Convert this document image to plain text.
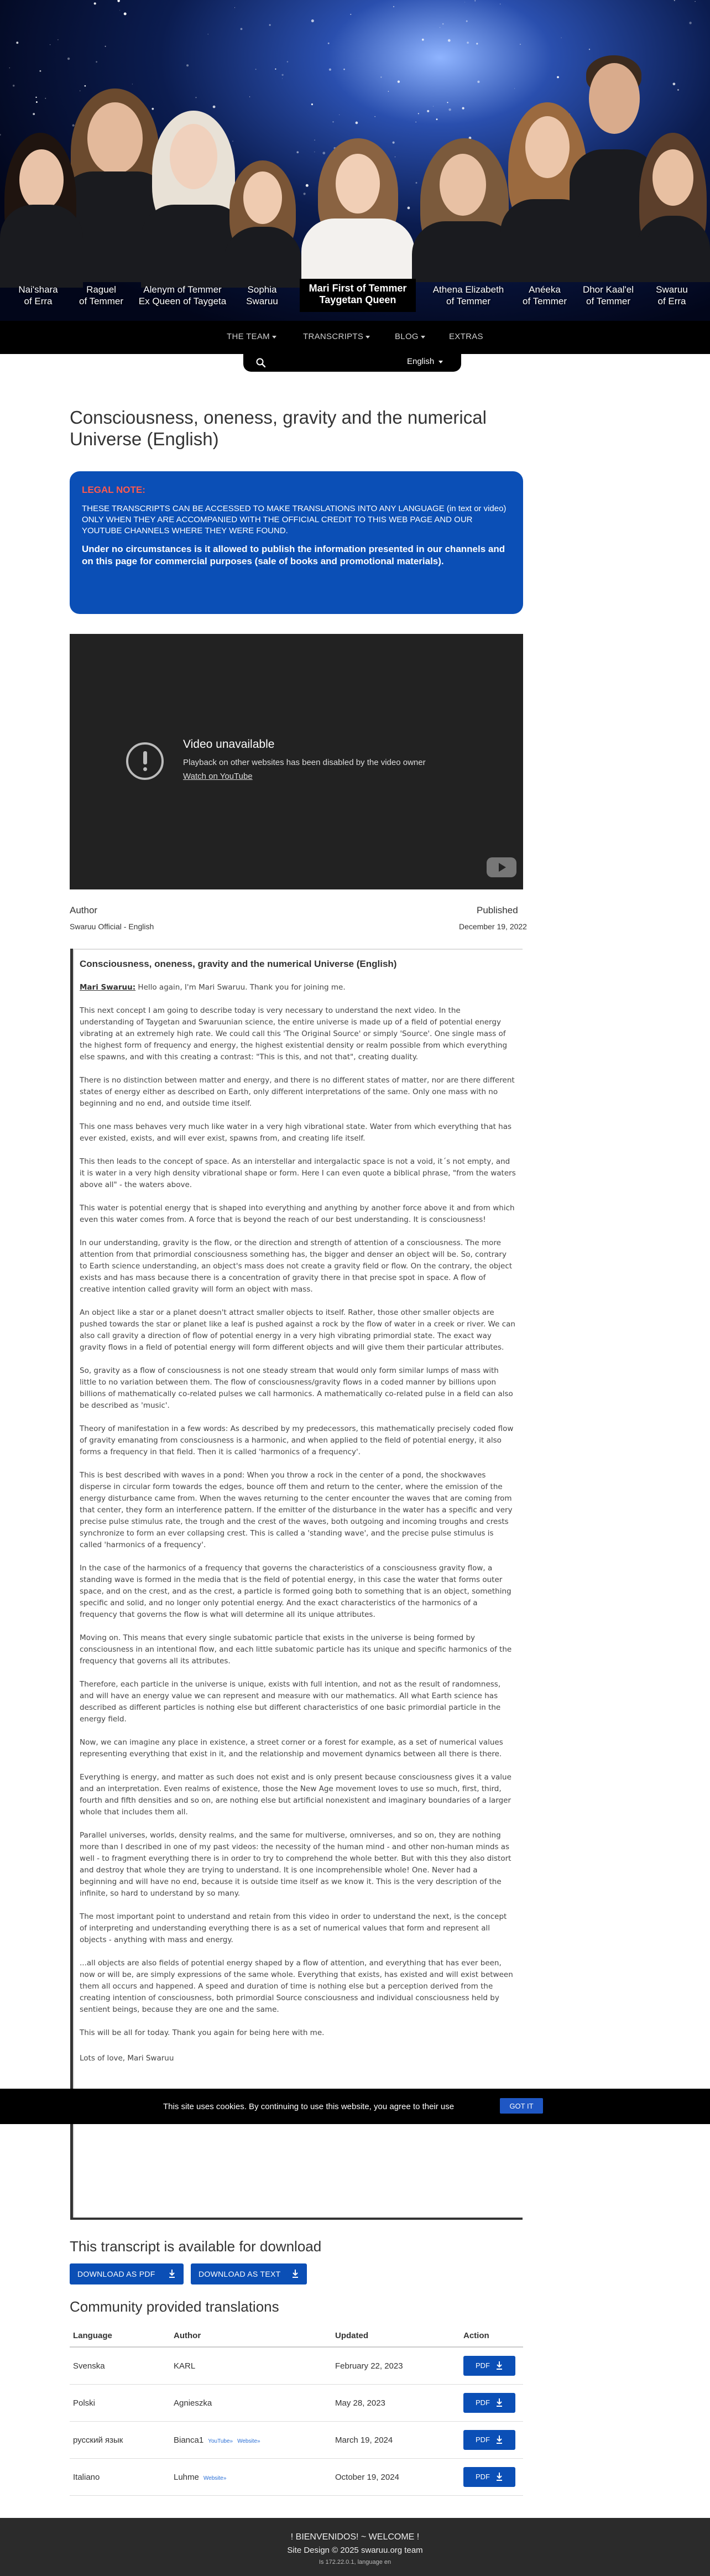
Nai'shara
of Erra
Raguel
of Temmer
Alenym of Temmer
Ex Queen of Taygeta
Sophia
Swaruu
Mari First of Temmer
Taygetan Queen
Athena Elizabeth
of Temmer
Anéeka
of Temmer
Dhor Kaal'el
of Temmer
Swaruu
of Erra
THE TEAM	TRANSCRIPTS	BLOG	EXTRAS
English
Consciousness, oneness, gravity and the numerical Universe (English)

LEGAL NOTE:

THESE TRANSCRIPTS CAN BE ACCESSED TO MAKE TRANSLATIONS INTO ANY LANGUAGE (in text or video) ONLY WHEN THEY ARE ACCOMPANIED WITH THE OFFICIAL CREDIT TO THIS WEB PAGE AND OUR YOUTUBE CHANNELS WHERE THEY WERE FOUND.

Under no circumstances is it allowed to publish the information presented in our channels and on this page for commercial purposes (sale of books and promotional materials).

Video unavailable
Playback on other websites has been disabled by the video owner
Watch on YouTube
Author
Swaruu Official - English
Published
December 19, 2022
Consciousness, oneness, gravity and the numerical Universe (English)

Mari Swaruu: Hello again, I'm Mari Swaruu. Thank you for joining me.

This next concept I am going to describe today is very necessary to understand the next video. In the understanding of Taygetan and Swaruunian science, the entire universe is made up of a field of potential energy vibrating at an extremely high rate. We could call this 'The Original Source' or simply 'Source'. One single mass of the highest form of frequency and energy, the highest existential density or realm possible from which everything else spawns, and with this creating a contrast: "This is this, and not that", creating duality.

There is no distinction between matter and energy, and there is no different states of matter, nor are there different states of energy either as described on Earth, only different interpretations of the same. Only one mass with no beginning and no end, and outside time itself.

This one mass behaves very much like water in a very high vibrational state. Water from which everything that has ever existed, exists, and will ever exist, spawns from, and creating life itself.

This then leads to the concept of space. As an interstellar and intergalactic space is not a void, it´s not empty, and it is water in a very high density vibrational shape or form. Here I can even quote a biblical phrase, "from the waters above all" - the waters above.

This water is potential energy that is shaped into everything and anything by another force above it and from which even this water comes from. A force that is beyond the reach of our best understanding. It is consciousness!

In our understanding, gravity is the flow, or the direction and strength of attention of a consciousness. The more attention from that primordial consciousness something has, the bigger and denser an object will be. So, contrary to Earth science understanding, an object's mass does not create a gravity field or flow. On the contrary, the object exists and has mass because there is a concentration of gravity there in that precise spot in space. A flow of creative intention called gravity will form an object with mass.

An object like a star or a planet doesn't attract smaller objects to itself. Rather, those other smaller objects are pushed towards the star or planet like a leaf is pushed against a rock by the flow of water in a creek or river. We can also call gravity a direction of flow of potential energy in a very high vibrating primordial state. The exact way gravity flows in a field of potential energy will form different objects and will give them their particular attributes.

So, gravity as a flow of consciousness is not one steady stream that would only form similar lumps of mass with little to no variation between them. The flow of consciousness/gravity flows in a coded manner by billions upon billions of mathematically co-related pulses we call harmonics. A mathematically co-related pulse in a field can also be described as 'music'.

Theory of manifestation in a few words: As described by my predecessors, this mathematically precisely coded flow of gravity emanating from consciousness is a harmonic, and when applied to the field of potential energy, it also forms a frequency in that field. Then it is called 'harmonics of a frequency'.

This is best described with waves in a pond: When you throw a rock in the center of a pond, the shockwaves disperse in circular form towards the edges, bounce off them and return to the center, where the emission of the energy disturbance came from. When the waves returning to the center encounter the waves that are coming from that center, they form an interference pattern. If the emitter of the disturbance in the water has a specific and very precise pulse stimulus rate, the trough and the crest of the waves, both outgoing and incoming troughs and crests synchronize to form an ever collapsing crest. This is called a 'standing wave', and the precise pulse stimulus is called 'harmonics of a frequency'.

In the case of the harmonics of a frequency that governs the characteristics of a consciousness gravity flow, a standing wave is formed in the media that is the field of potential energy, in this case the water that forms outer space, and on the crest, and as the crest, a particle is formed going both to something that is an object, something specific and solid, and no longer only potential energy. And the exact characteristics of the harmonics of a frequency that governs the flow is what will determine all its unique attributes.

Moving on. This means that every single subatomic particle that exists in the universe is being formed by consciousness in an intentional flow, and each little subatomic particle has its unique and specific harmonics of the frequency that governs all its attributes.

Therefore, each particle in the universe is unique, exists with full intention, and not as the result of randomness, and will have an energy value we can represent and measure with our mathematics. All what Earth science has described as different particles is nothing else but different characteristics of one basic primordial particle in the energy field.

Now, we can imagine any place in existence, a street corner or a forest for example, as a set of numerical values representing everything that exist in it, and the relationship and movement dynamics between all there is there.

Everything is energy, and matter as such does not exist and is only present because consciousness gives it a value and an interpretation. Even realms of existence, those the New Age movement loves to use so much, first, third, fourth and fifth densities and so on, are nothing else but artificial nonexistent and imaginary boundaries of a larger whole that includes them all.

Parallel universes, worlds, density realms, and the same for multiverse, omniverses, and so on, they are nothing more than I described in one of my past videos: the necessity of the human mind - and other non-human minds as well - to fragment everything there is in order to try to comprehend the whole better. But with this they also distort and destroy that whole they are trying to understand. It is one incomprehensible whole! One. Never had a beginning and will have no end, because it is outside time itself as we know it. This is the very description of the infinite, so hard to understand by so many.

The most important point to understand and retain from this video in order to understand the next, is the concept of interpreting and understanding everything there is as a set of numerical values that form and represent all objects - anything with mass and energy.

...all objects are also fields of potential energy shaped by a flow of attention, and everything that has ever been, now or will be, are simply expressions of the same whole. Everything that exists, has existed and will exist between them all occurs and happened. A speed and duration of time is nothing else but a perception derived from the creating intention of consciousness, both primordial Source consciousness and individual consciousness held by sentient beings, because they are one and the same.

This will be all for today. Thank you again for being here with me.

Lots of love, Mari Swaruu

This site uses cookies. By continuing to use this website, you agree to their use	GOT IT
This transcript is available for download
DOWNLOAD AS PDF	DOWNLOAD AS TEXT
Community provided translations
Language	Author	Updated	Action
Svenska	KARL	February 22, 2023	PDF

Polski	Agnieszka	May 28, 2023	PDF

русский язык	Bianca1 YouTube» Website»	March 19, 2024	PDF

Italiano	Luhme Website»	October 19, 2024	PDF
! BIENVENIDOS! ~ WELCOME !
Site Design © 2025 swaruu.org team
Is 172.22.0.1, language en
